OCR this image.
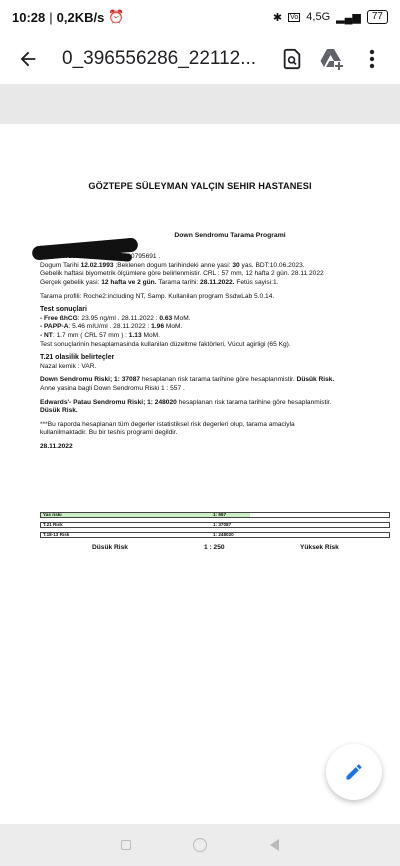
10:28 | 0,2KB/s ⏰	✱ Vo 4,5G ▂▄▆	77
0_396556286_22112...
GÖZTEPE SÜLEYMAN YALÇIN SEHIR HASTANESI
Down Sendromu Tarama Programi
Hasta: KUBRA C...
ID-No: 10251 - Hastane No: 210795691 .
Dogum Tarihi 12.02.1993 ;Beklenen dogum tarihindeki anne yasi: 30 yas. BDT:10.06.2023.
Gebelik haftasi biyometrik ölçümlere göre belirlenmistir. CRL : 57 mm, 12 hafta 2 gün. 28.11.2022
Gerçek gebelik yasi: 12 hafta ve 2 gün. Tarama tarihi: 28.11.2022. Fetüs sayisi:1.
Tarama profili: Roche2:including NT, Samp. Kullanilan program SsdwLab 5.0.14.
Test sonuçlari
- Free ßhCG: 23.95 ng/ml . 28.11.2022 : 0.63 MoM.
- PAPP-A: 5.46 mIU/ml . 28.11.2022 : 1.96 MoM.
- NT: 1.7 mm ( CRL 57 mm ) : 1.13 MoM.
Test sonuçlarinin hesaplamasinda kullanilan düzeltme faktörleri, Vücut agirligi (65 Kg).
T.21 olasilik belirteçler
Nazal kemik : VAR.
Down Sendromu Riski; 1: 37087 hesaplanan risk tarama tarihine göre hesaplanmistir. Düsük Risk.
Anne yasina bagli Down Sendromu Riski 1 : 557 .
Edwards'- Patau Sendromu Riski; 1: 248020 hesaplanan risk tarama tarihine göre hesaplanmistir.
Düsük Risk.
***Bu raporda hesaplanan tüm degerler istatistiksel risk degerleri olup, tarama amaciyla
kullanilmaktadir. Bu bir teshis programi degildir.
28.11.2022
Yas riski	1: 557
T.21 Risk	1: 37087
T.18-13 Risk	1: 248020
Düsük Risk	1 : 250	Yüksek Risk
